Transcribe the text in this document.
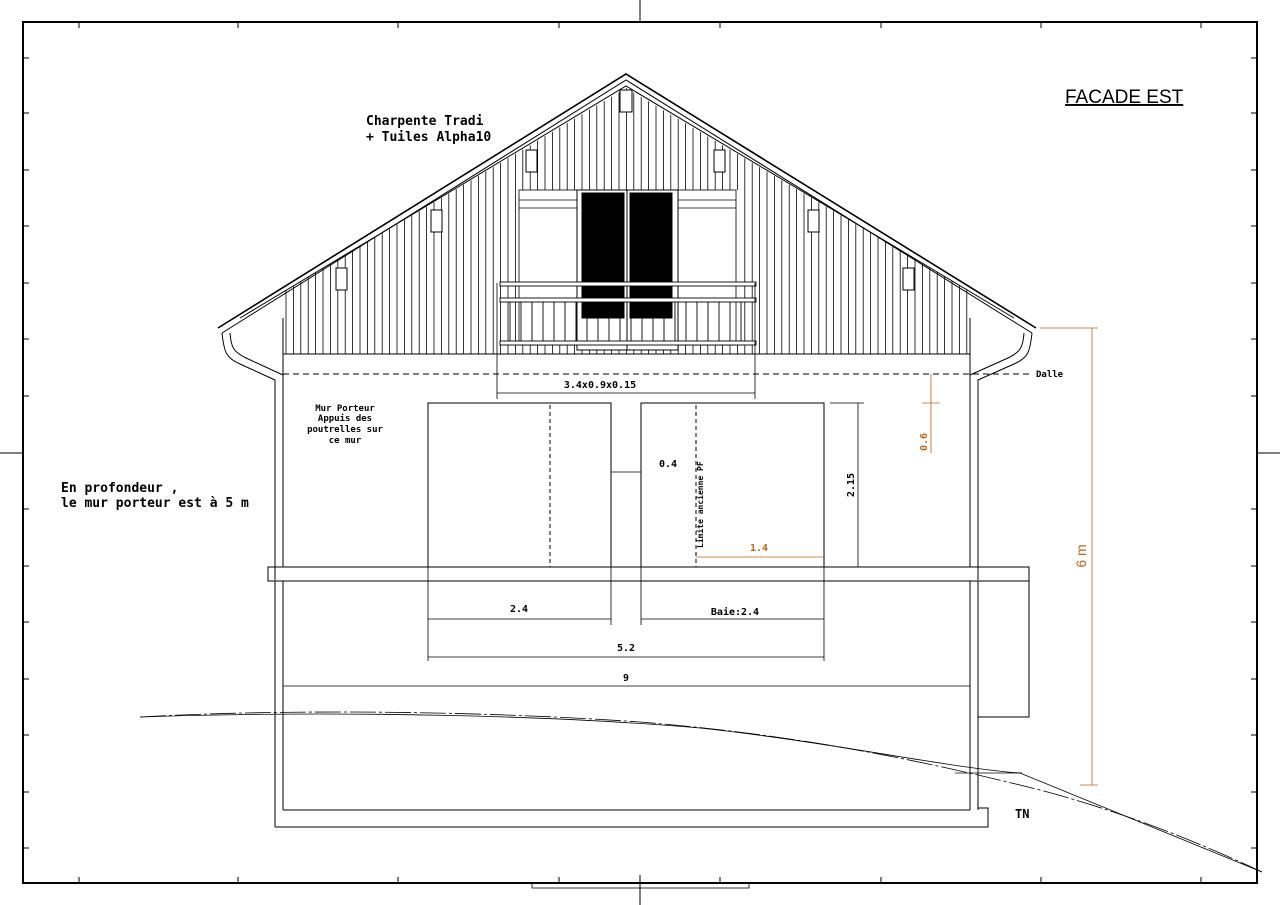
FACADE EST
Charpente Tradi
+ Tuiles Alpha10
Mur Porteur
Appuis des
poutrelles sur
ce mur
En profondeur ,
le mur porteur est à 5 m
Dalle
TN
Limite ancienne PF
3.4x0.9x0.15
0.4
2.15
0.6
1.4
2.4	Baie:2.4
5.2
9
6 m
